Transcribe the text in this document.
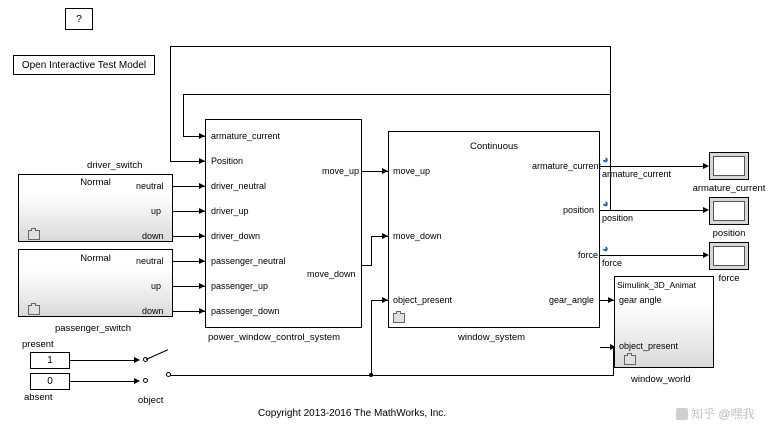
?
Open Interactive Test Model
Normal	neutral
up
down
driver_switch
Normal	neutral
up
down
passenger_switch
armature_current
Position
driver_neutral
driver_up
driver_down
passenger_neutral
passenger_up
passenger_down
move_up
move_down
power_window_control_system
Continuous
move_up
move_down
object_present
armature_current
position
force
gear_angle
window_system
◕
armature_current
◕
position
◕
force
Simulink_3D_Animat
gear angle
object_present
window_world
armature_current
position
force
present
1
0
absent	object
Copyright 2013-2016 The MathWorks, Inc.	知乎 @嘿我
